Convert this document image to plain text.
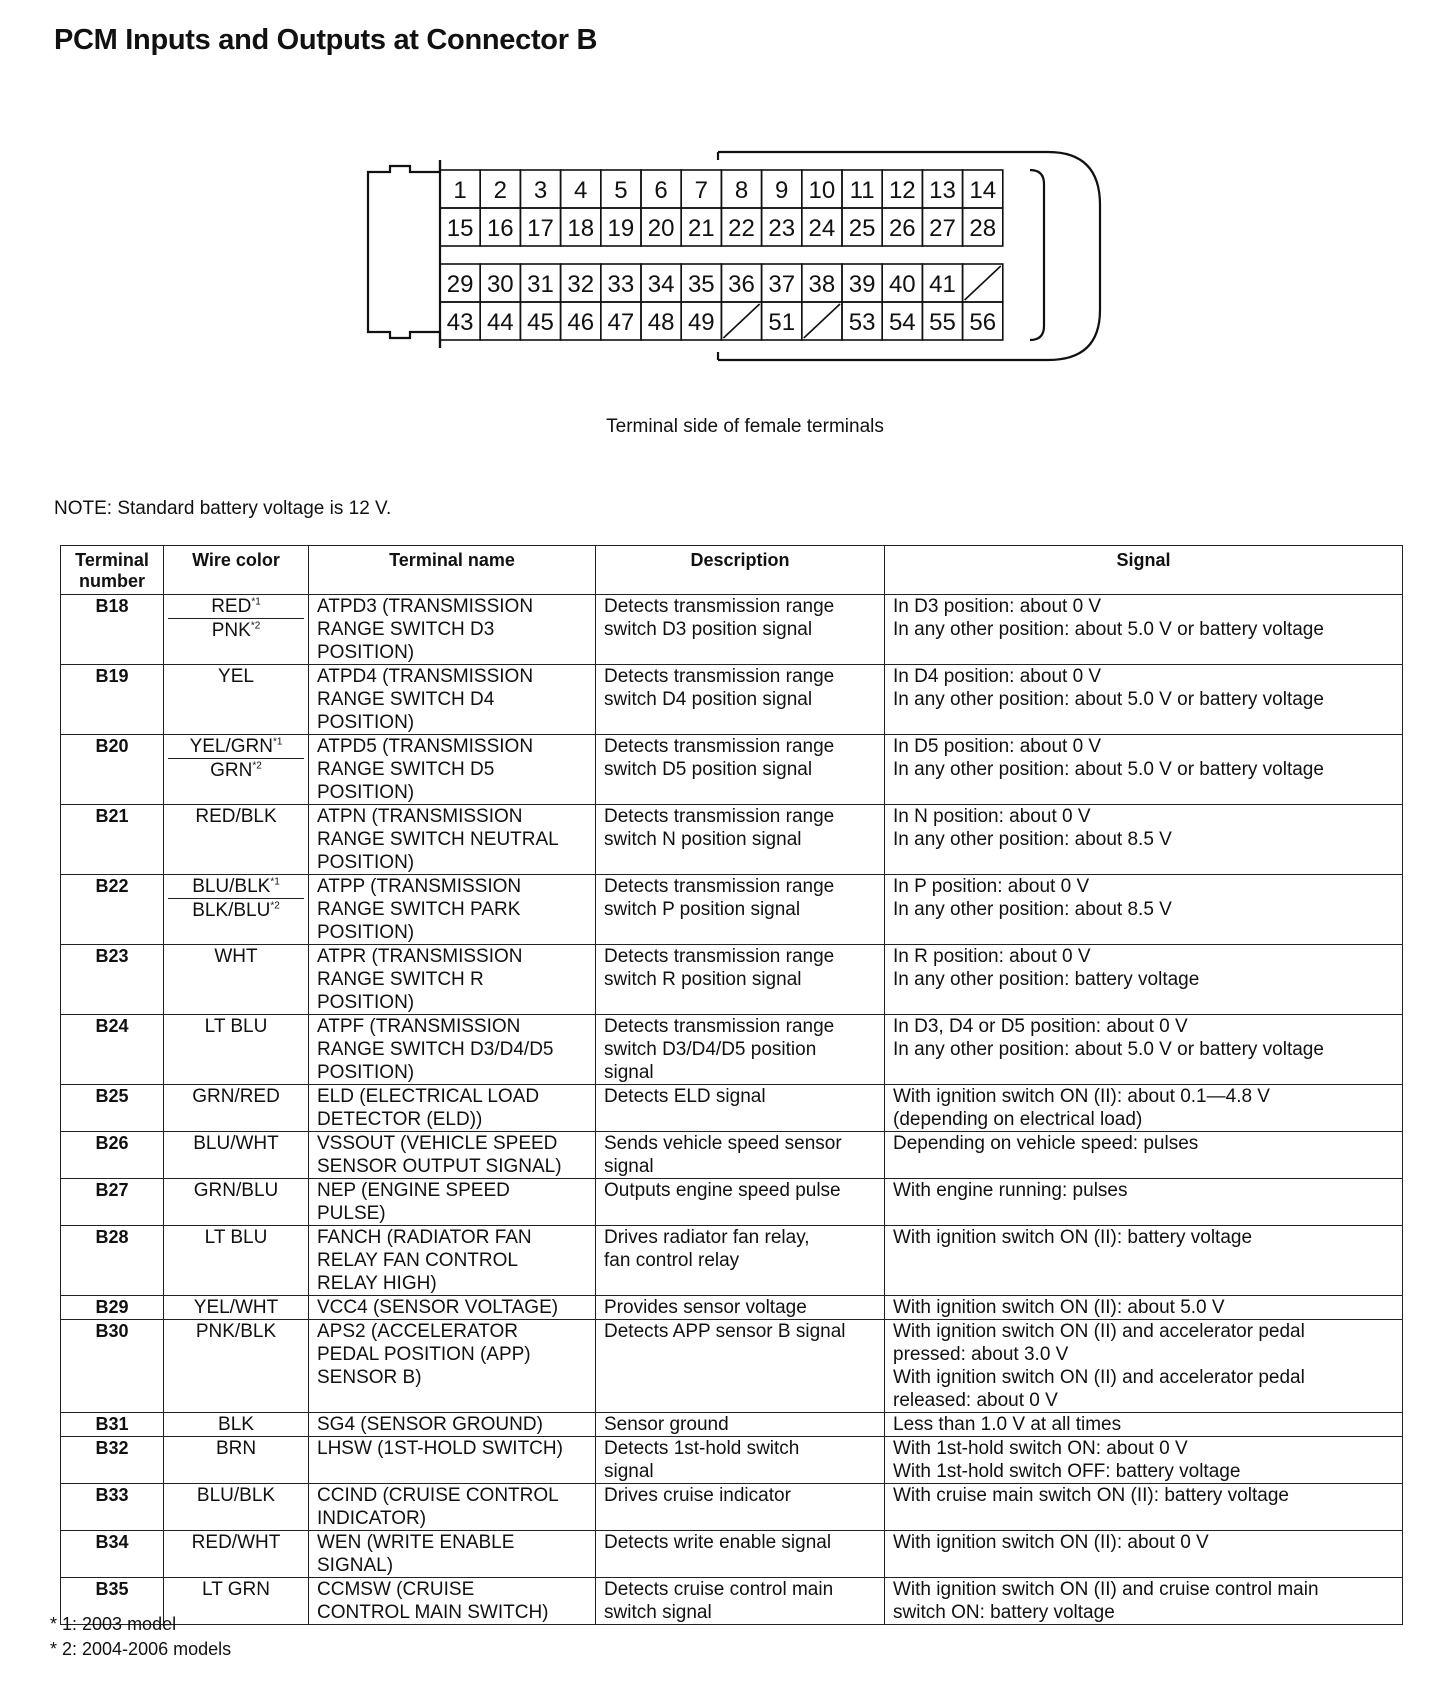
PCM Inputs and Outputs at Connector B
1 2 3 4 5 6 7 8 9 10 11 12 13 14
15 16 17 18 19 20 21 22 23 24 25 26 27 28
29 30 31 32 33 34 35 36 37 38 39 40 41
43 44 45 46 47 48 49 51 53 54 55 56
Terminal side of female terminals
NOTE: Standard battery voltage is 12 V.
Terminal
number	Wire color	Terminal name	Description	Signal
B18	RED$^{*1}$
PNK$^{*2}$	ATPD3 (TRANSMISSION
RANGE SWITCH D3
POSITION)	Detects transmission range
switch D3 position signal	In D3 position: about 0 V
In any other position: about 5.0 V or battery voltage

B19	YEL	ATPD4 (TRANSMISSION
RANGE SWITCH D4
POSITION)	Detects transmission range
switch D4 position signal	In D4 position: about 0 V
In any other position: about 5.0 V or battery voltage

B20	YEL/GRN$^{*1}$
GRN$^{*2}$	ATPD5 (TRANSMISSION
RANGE SWITCH D5
POSITION)	Detects transmission range
switch D5 position signal	In D5 position: about 0 V
In any other position: about 5.0 V or battery voltage

B21	RED/BLK	ATPN (TRANSMISSION
RANGE SWITCH NEUTRAL
POSITION)	Detects transmission range
switch N position signal	In N position: about 0 V
In any other position: about 8.5 V

B22	BLU/BLK$^{*1}$
BLK/BLU$^{*2}$	ATPP (TRANSMISSION
RANGE SWITCH PARK
POSITION)	Detects transmission range
switch P position signal	In P position: about 0 V
In any other position: about 8.5 V

B23	WHT	ATPR (TRANSMISSION
RANGE SWITCH R
POSITION)	Detects transmission range
switch R position signal	In R position: about 0 V
In any other position: battery voltage

B24	LT BLU	ATPF (TRANSMISSION
RANGE SWITCH D3/D4/D5
POSITION)	Detects transmission range
switch D3/D4/D5 position
signal	In D3, D4 or D5 position: about 0 V
In any other position: about 5.0 V or battery voltage

B25	GRN/RED	ELD (ELECTRICAL LOAD
DETECTOR (ELD))	Detects ELD signal	With ignition switch ON (II): about 0.1—4.8 V
(depending on electrical load)

B26	BLU/WHT	VSSOUT (VEHICLE SPEED
SENSOR OUTPUT SIGNAL)	Sends vehicle speed sensor
signal	Depending on vehicle speed: pulses

B27	GRN/BLU	NEP (ENGINE SPEED
PULSE)	Outputs engine speed pulse	With engine running: pulses

B28	LT BLU	FANCH (RADIATOR FAN
RELAY FAN CONTROL
RELAY HIGH)	Drives radiator fan relay,
fan control relay	With ignition switch ON (II): battery voltage

B29	YEL/WHT	VCC4 (SENSOR VOLTAGE)	Provides sensor voltage	With ignition switch ON (II): about 5.0 V

B30	PNK/BLK	APS2 (ACCELERATOR
PEDAL POSITION (APP)
SENSOR B)	Detects APP sensor B signal	With ignition switch ON (II) and accelerator pedal
pressed: about 3.0 V
With ignition switch ON (II) and accelerator pedal
released: about 0 V

B31	BLK	SG4 (SENSOR GROUND)	Sensor ground	Less than 1.0 V at all times

B32	BRN	LHSW (1ST-HOLD SWITCH)	Detects 1st-hold switch
signal	With 1st-hold switch ON: about 0 V
With 1st-hold switch OFF: battery voltage

B33	BLU/BLK	CCIND (CRUISE CONTROL
INDICATOR)	Drives cruise indicator	With cruise main switch ON (II): battery voltage

B34	RED/WHT	WEN (WRITE ENABLE
SIGNAL)	Detects write enable signal	With ignition switch ON (II): about 0 V

B35	LT GRN	CCMSW (CRUISE
CONTROL MAIN SWITCH)	Detects cruise control main
switch signal	With ignition switch ON (II) and cruise control main
switch ON: battery voltage
* 1: 2003 model
* 2: 2004-2006 models
